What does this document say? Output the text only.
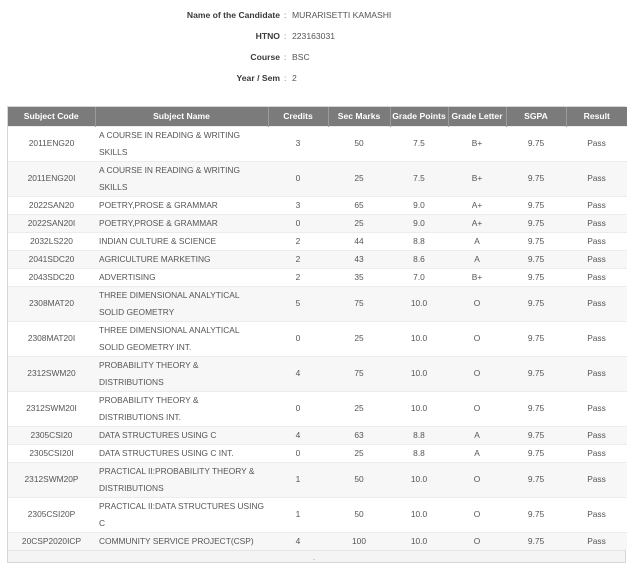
Name of the Candidate : MURARISETTI KAMASHI
HTNO : 223163031
Course : BSC
Year / Sem : 2
Subject Code	Subject Name	Credits	Sec Marks	Grade Points	Grade Letter	SGPA	Result
2011ENG20	A COURSE IN READING & WRITING SKILLS	3	50	7.5	B+	9.75	Pass
2011ENG20I	A COURSE IN READING & WRITING SKILLS	0	25	7.5	B+	9.75	Pass
2022SAN20	POETRY,PROSE & GRAMMAR	3	65	9.0	A+	9.75	Pass
2022SAN20I	POETRY,PROSE & GRAMMAR	0	25	9.0	A+	9.75	Pass
2032LS220	INDIAN CULTURE & SCIENCE	2	44	8.8	A	9.75	Pass
2041SDC20	AGRICULTURE MARKETING	2	43	8.6	A	9.75	Pass
2043SDC20	ADVERTISING	2	35	7.0	B+	9.75	Pass
2308MAT20	THREE DIMENSIONAL ANALYTICAL SOLID GEOMETRY	5	75	10.0	O	9.75	Pass
2308MAT20I	THREE DIMENSIONAL ANALYTICAL SOLID GEOMETRY INT.	0	25	10.0	O	9.75	Pass
2312SWM20	PROBABILITY THEORY & DISTRIBUTIONS	4	75	10.0	O	9.75	Pass
2312SWM20I	PROBABILITY THEORY & DISTRIBUTIONS INT.	0	25	10.0	O	9.75	Pass
2305CSI20	DATA STRUCTURES USING C	4	63	8.8	A	9.75	Pass
2305CSI20I	DATA STRUCTURES USING C INT.	0	25	8.8	A	9.75	Pass
2312SWM20P	PRACTICAL II:PROBABILITY THEORY & DISTRIBUTIONS	1	50	10.0	O	9.75	Pass
2305CSI20P	PRACTICAL II:DATA STRUCTURES USING C	1	50	10.0	O	9.75	Pass
20CSP2020ICP	COMMUNITY SERVICE PROJECT(CSP)	4	100	10.0	O	9.75	Pass
.
